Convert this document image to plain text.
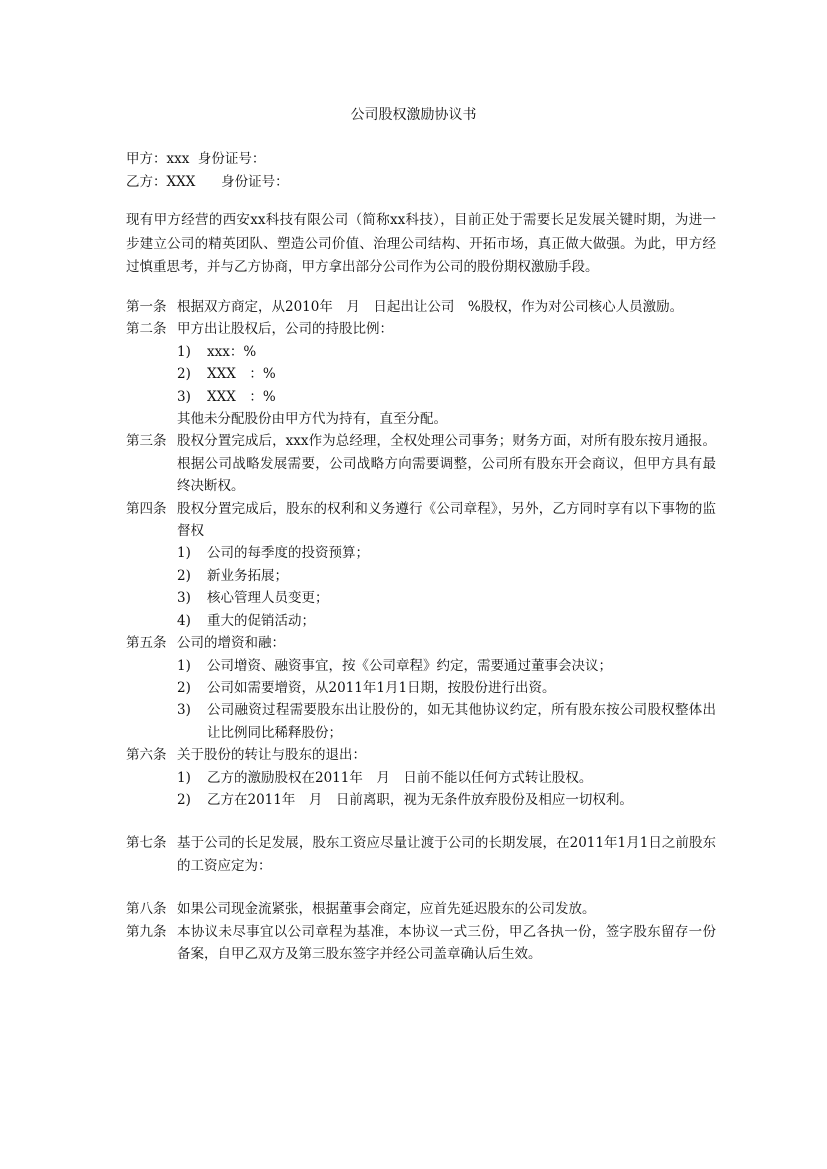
公司股权激励协议书
甲方：xxx  身份证号：
乙方：XXX      身份证号：

现有甲方经营的西安xx科技有限公司（简称xx科技），目前正处于需要长足发展关键时期，为进一步建立公司的精英团队、塑造公司价值、治理公司结构、开拓市场，真正做大做强。为此，甲方经过慎重思考，并与乙方协商，甲方拿出部分公司作为公司的股份期权激励手段。

第一条 根据双方商定，从2010年　月　日起出让公司　%股权，作为对公司核心人员激励。
第二条 甲方出让股权后，公司的持股比例：
1)	xxx：%
2)	XXX　：%
3)	XXX　：%
其他未分配股份由甲方代为持有，直至分配。
第三条 股权分置完成后，xxx作为总经理，全权处理公司事务；财务方面，对所有股东按月通报。根据公司战略发展需要，公司战略方向需要调整，公司所有股东开会商议，但甲方具有最终决断权。
第四条 股权分置完成后，股东的权利和义务遵行《公司章程》，另外，乙方同时享有以下事物的监督权
1)	公司的每季度的投资预算；
2)	新业务拓展；
3)	核心管理人员变更；
4)	重大的促销活动；
第五条 公司的增资和融：
1)	公司增资、融资事宜，按《公司章程》约定，需要通过董事会决议；
2)	公司如需要增资，从2011年1月1日期，按股份进行出资。
3)	公司融资过程需要股东出让股份的，如无其他协议约定，所有股东按公司股权整体出让比例同比稀释股份；
第六条 关于股份的转让与股东的退出：
1)	乙方的激励股权在2011年　月　日前不能以任何方式转让股权。
2)	乙方在2011年　月　日前离职，视为无条件放弃股份及相应一切权利。
第七条 基于公司的长足发展，股东工资应尽量让渡于公司的长期发展，在2011年1月1日之前股东的工资应定为：
第八条 如果公司现金流紧张，根据董事会商定，应首先延迟股东的公司发放。
第九条 本协议未尽事宜以公司章程为基准，本协议一式三份，甲乙各执一份，签字股东留存一份备案，自甲乙双方及第三股东签字并经公司盖章确认后生效。
